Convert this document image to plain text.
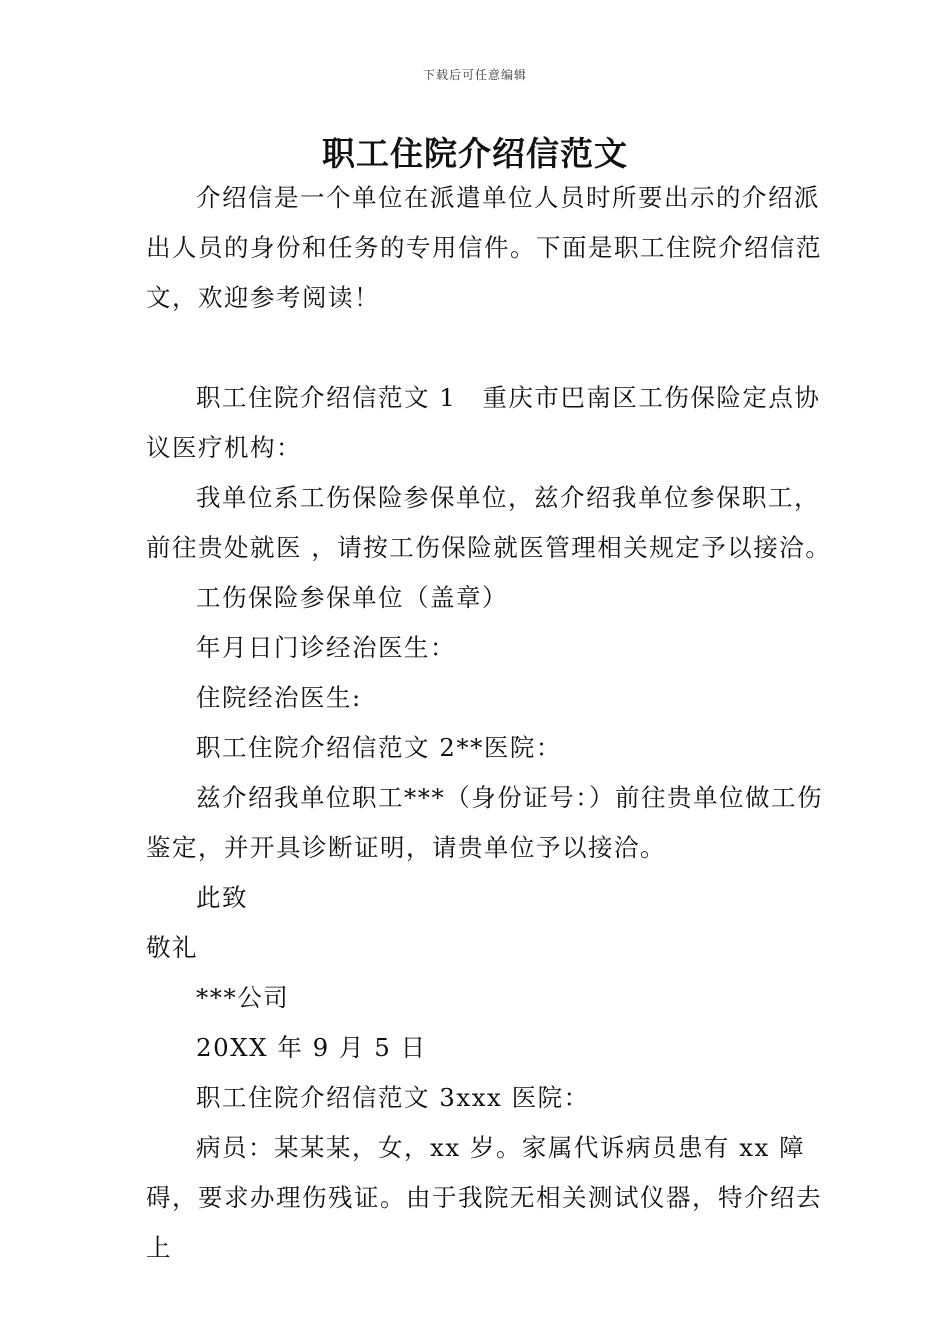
下载后可任意编辑
职工住院介绍信范文

介绍信是一个单位在派遣单位人员时所要出示的介绍派出人员的身份和任务的专用信件。下面是职工住院介绍信范文，欢迎参考阅读！

职工住院介绍信范文 1　重庆市巴南区工伤保险定点协议医疗机构：

我单位系工伤保险参保单位，兹介绍我单位参保职工，前往贵处就医 ，请按工伤保险就医管理相关规定予以接洽。

工伤保险参保单位（盖章）

年月日门诊经治医生：

住院经治医生:

职工住院介绍信范文 2**医院：

兹介绍我单位职工***（身份证号：）前往贵单位做工伤鉴定，并开具诊断证明，请贵单位予以接洽。

此致

敬礼

***公司

20XX 年 9 月 5 日

职工住院介绍信范文 3xxx 医院：

病员：某某某，女，xx 岁。家属代诉病员患有 xx 障碍，要求办理伤残证。由于我院无相关测试仪器，特介绍去上
